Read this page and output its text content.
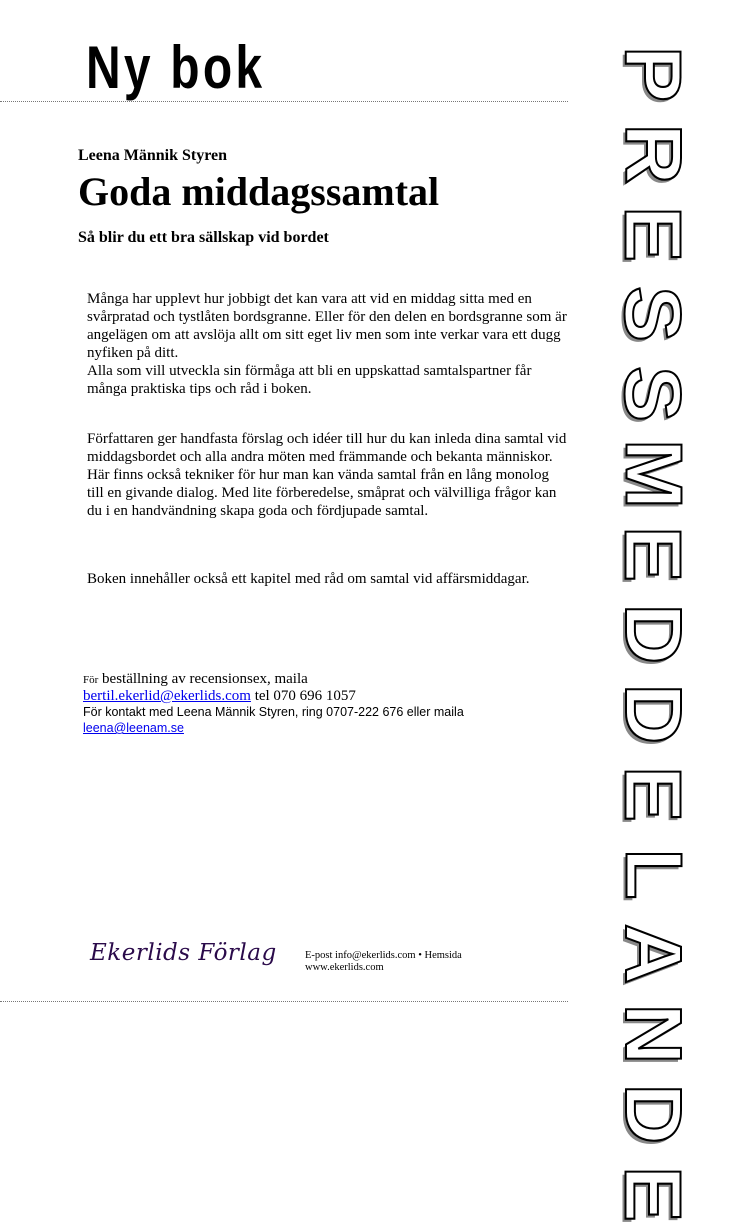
Ny bok
Leena Männik Styren
Goda middagssamtal
Så blir du ett bra sällskap vid bordet

Många har upplevt hur jobbigt det kan vara att vid en middag sitta med en svårpratad och tystlåten bordsgranne. Eller för den delen en bordsgranne som är angelägen om att avslöja allt om sitt eget liv men som inte verkar vara ett dugg nyfiken på ditt.
Alla som vill utveckla sin förmåga att bli en uppskattad samtalspartner får många praktiska tips och råd i boken.

Författaren ger handfasta förslag och idéer till hur du kan inleda dina samtal vid middagsbordet och alla andra möten med främmande och bekanta människor. Här finns också tekniker för hur man kan vända samtal från en lång monolog till en givande dialog. Med lite förberedelse, småprat och välvilliga frågor kan du i en handvändning skapa goda och fördjupade samtal.

Boken innehåller också ett kapitel med råd om samtal vid affärsmiddagar.

För beställning av recensionsex, maila
bertil.ekerlid@ekerlids.com tel 070 696 1057
För kontakt med Leena Männik Styren, ring 0707-222 676 eller maila
leena@leenam.se
Ekerlids Förlag	E-post info@ekerlids.com • Hemsida
www.ekerlids.com
P
R
E
S
S
M
E
D
D
E
L
A
N
D
E
